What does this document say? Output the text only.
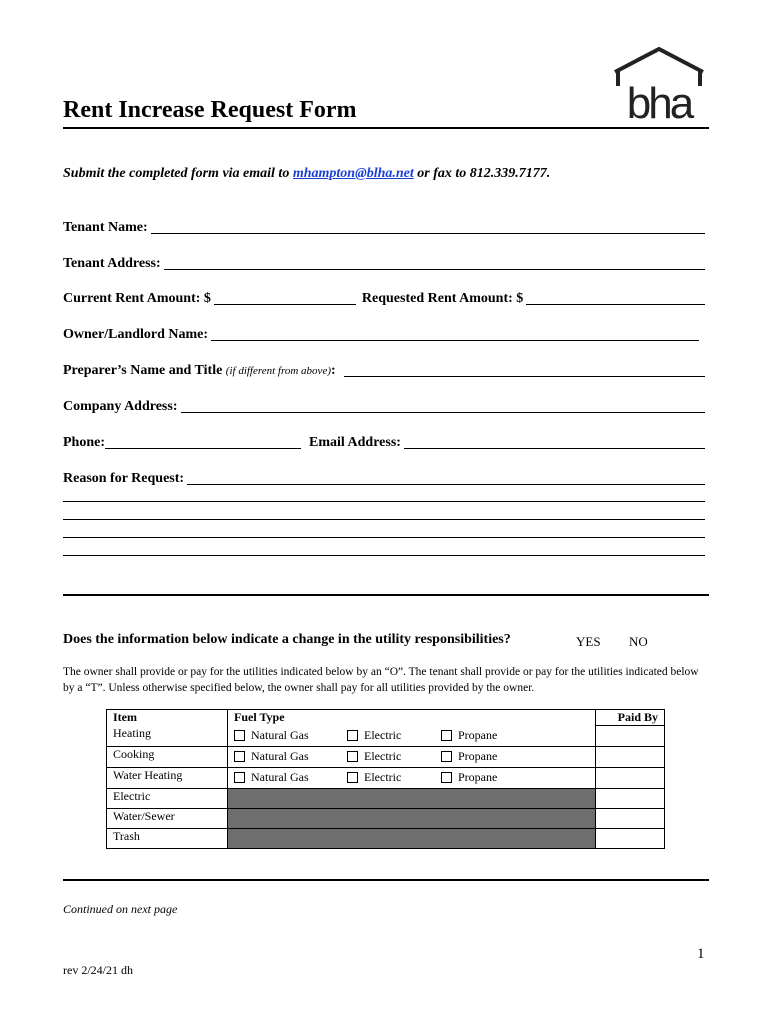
bha
Rent Increase Request Form
Submit the completed form via email to mhampton@blha.net or fax to 812.339.7177.
Tenant Name:
Tenant Address:
Current Rent Amount: $	Requested Rent Amount: $
Owner/Landlord Name:
Preparer’s Name and Title (if different from above):
Company Address:
Phone:	Email Address:
Reason for Request:
Does the information below indicate a change in the utility responsibilities?	YES NO
The owner shall provide or pay for the utilities indicated below by an “O”. The tenant shall provide or pay for the utilities indicated below by a “T”. Unless otherwise specified below, the owner shall pay for all utilities provided by the owner.
Item	Fuel Type	Paid By
Heating	Natural Gas Electric Propane	

Cooking	Natural Gas Electric Propane	

Water Heating	Natural Gas Electric Propane	

Electric		
Water/Sewer		
Trash		
Continued on next page
1
rev 2/24/21 dh
